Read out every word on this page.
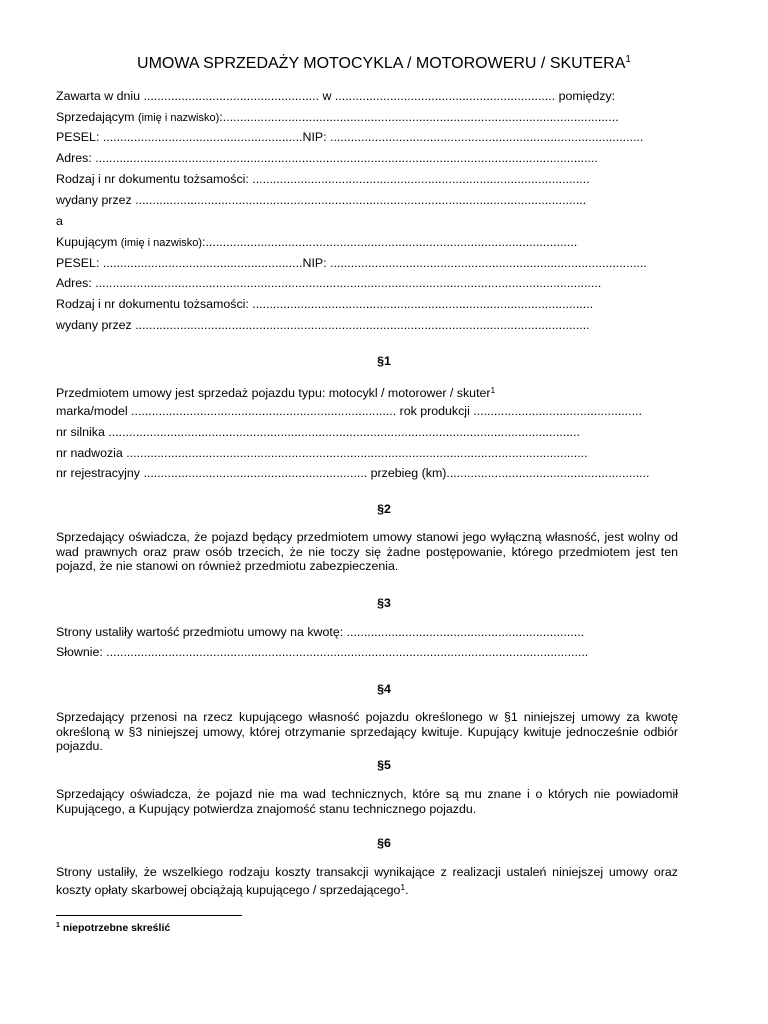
UMOWA SPRZEDAŻY MOTOCYKLA / MOTOROWERU / SKUTERA$^1$
Zawarta w dniu ................................................... w ................................................................ pomiędzy:
Sprzedającym (imię i nazwisko):...................................................................................................................
PESEL: ..........................................................NIP: ...........................................................................................
Adres: ..................................................................................................................................................
Rodzaj i nr dokumentu tożsamości: ..................................................................................................
wydany przez ...................................................................................................................................
a
Kupującym (imię i nazwisko):............................................................................................................
PESEL: ..........................................................NIP: ............................................................................................
Adres: ...................................................................................................................................................
Rodzaj i nr dokumentu tożsamości: ...................................................................................................
wydany przez ....................................................................................................................................
§1
Przedmiotem umowy jest sprzedaż pojazdu typu: motocykl / motorower / skuter$^1$
marka/model ............................................................................. rok produkcji .................................................
nr silnika .........................................................................................................................................
nr nadwozia ......................................................................................................................................
nr rejestracyjny ................................................................. przebieg (km)...........................................................
§2
Sprzedający oświadcza, że pojazd będący przedmiotem umowy stanowi jego wyłączną własność, jest wolny od wad prawnych oraz praw osób trzecich, że nie toczy się żadne postępowanie, którego przedmiotem jest ten pojazd, że nie stanowi on również przedmiotu zabezpieczenia.
§3
Strony ustaliły wartość przedmiotu umowy na kwotę: .....................................................................
Słownie: ............................................................................................................................................
§4
Sprzedający przenosi na rzecz kupującego własność pojazdu określonego w §1 niniejszej umowy za kwotę określoną w §3 niniejszej umowy, której otrzymanie sprzedający kwituje. Kupujący kwituje jednocześnie odbiór pojazdu.
§5
Sprzedający oświadcza, że pojazd nie ma wad technicznych, które są mu znane i o których nie powiadomił Kupującego, a Kupujący potwierdza znajomość stanu technicznego pojazdu.
§6
Strony ustaliły, że wszelkiego rodzaju koszty transakcji wynikające z realizacji ustaleń niniejszej umowy oraz koszty opłaty skarbowej obciążają kupującego / sprzedającego$^1$.
$^1$ niepotrzebne skreślić
